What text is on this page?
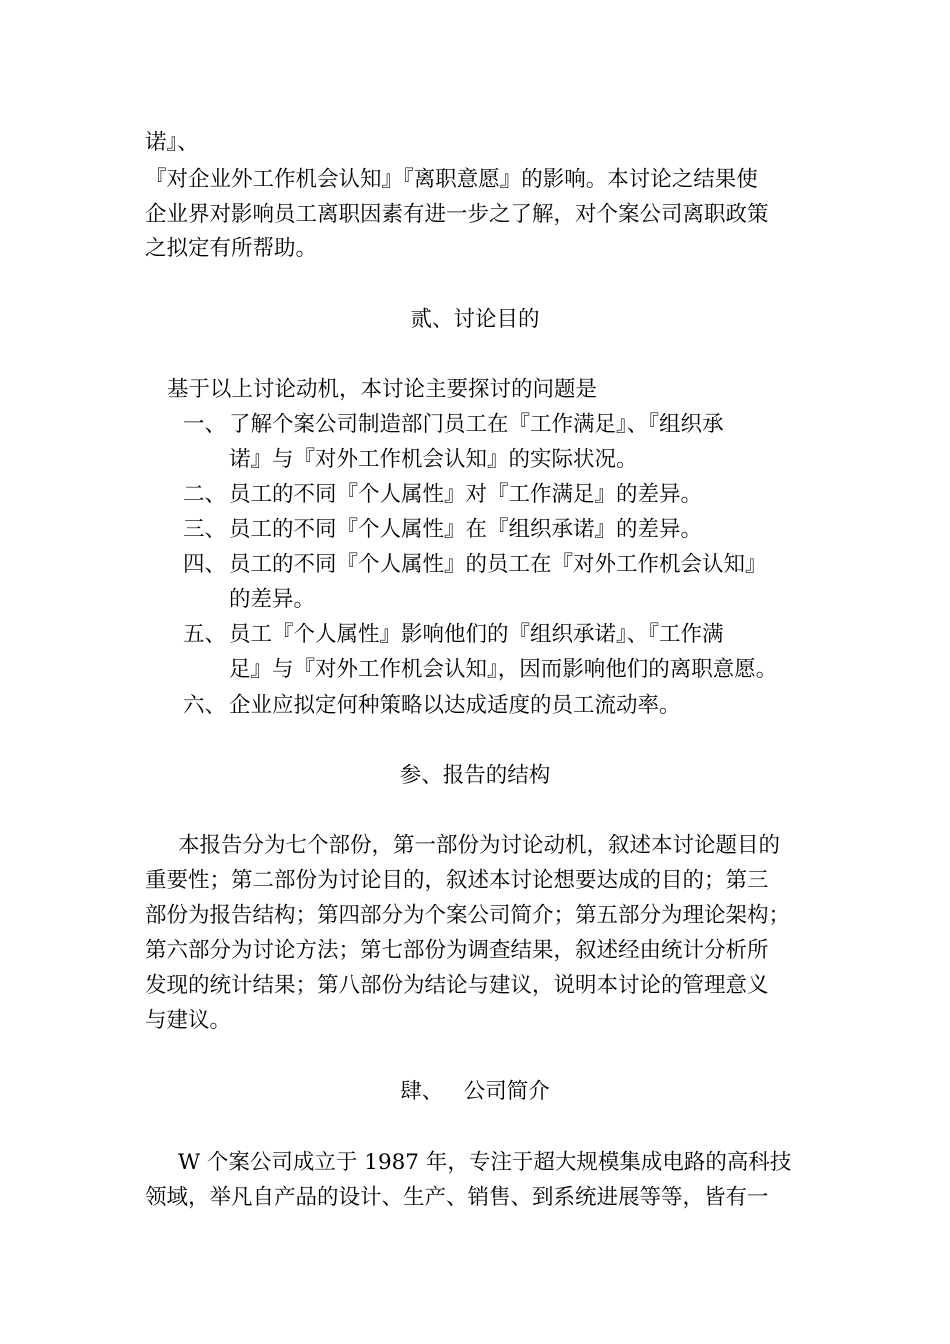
诺』、
『对企业外工作机会认知』『离职意愿』的影响。本讨论之结果使
企业界对影响员工离职因素有进一步之了解，对个案公司离职政策
之拟定有所帮助。
贰、讨论目的
基于以上讨论动机，本讨论主要探讨的问题是
一、 了解个案公司制造部门员工在『工作满足』、『组织承
诺』与『对外工作机会认知』的实际状况。
二、 员工的不同『个人属性』对『工作满足』的差异。
三、 员工的不同『个人属性』在『组织承诺』的差异。
四、 员工的不同『个人属性』的员工在『对外工作机会认知』
的差异。
五、 员工『个人属性』影响他们的『组织承诺』、『工作满
足』与『对外工作机会认知』，因而影响他们的离职意愿。
六、 企业应拟定何种策略以达成适度的员工流动率。
参、报告的结构
本报告分为七个部份，第一部份为讨论动机，叙述本讨论题目的
重要性；第二部份为讨论目的，叙述本讨论想要达成的目的；第三
部份为报告结构；第四部分为个案公司简介；第五部分为理论架构；
第六部分为讨论方法；第七部份为调查结果，叙述经由统计分析所
发现的统计结果；第八部份为结论与建议，说明本讨论的管理意义
与建议。
肆、   公司简介
W 个案公司成立于 1987 年，专注于超大规模集成电路的高科技
领域，举凡自产品的设计、生产、销售、到系统进展等等，皆有一
